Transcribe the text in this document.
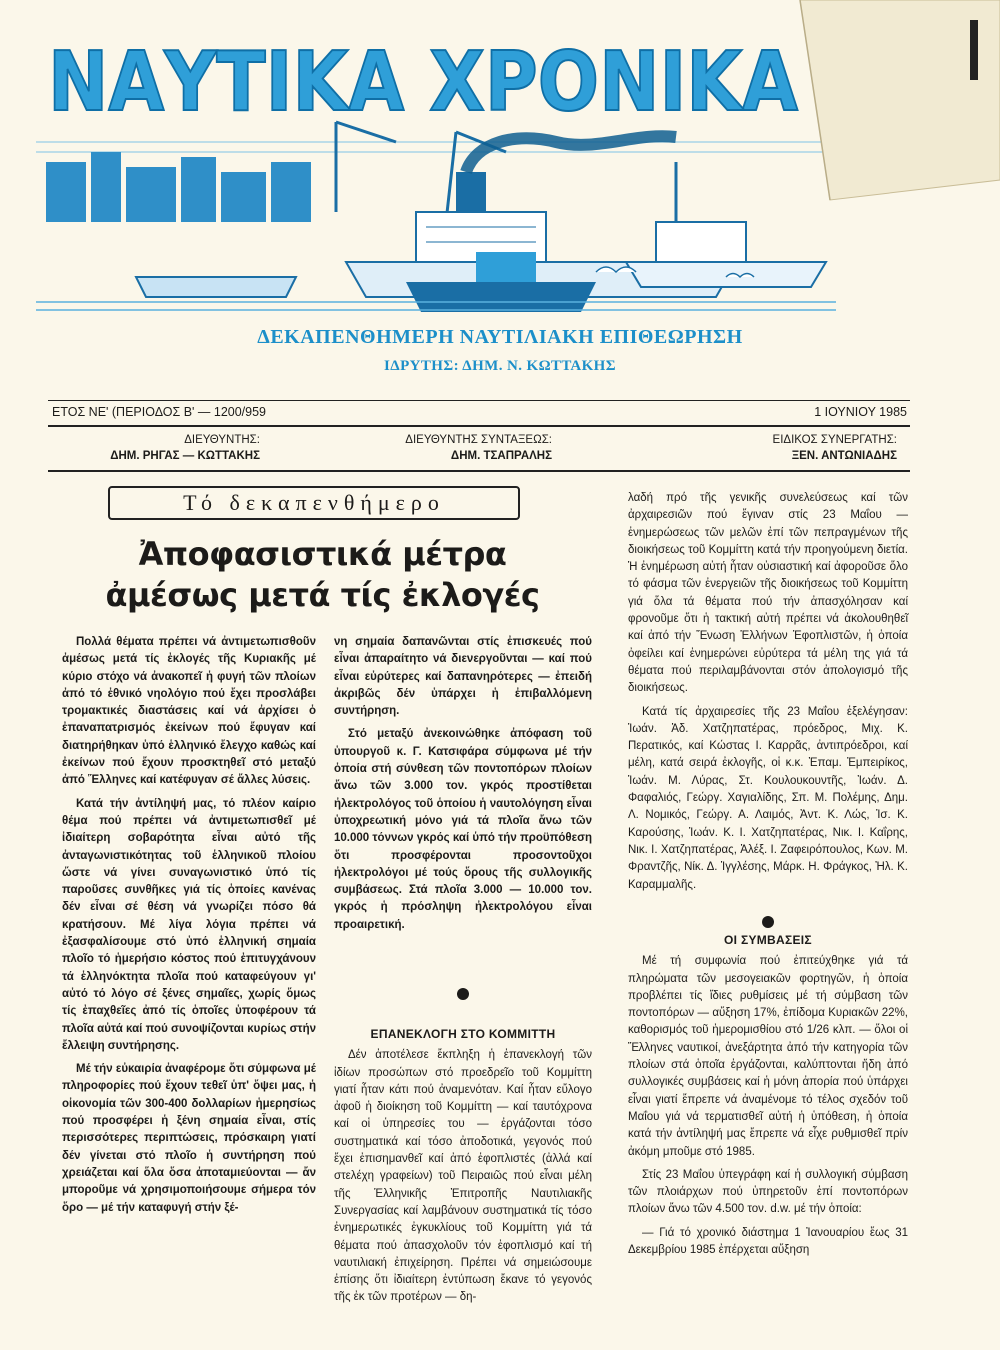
ΝΑΥΤΙΚΑ ΧΡΟΝΙΚΑ
ΔΕΚΑΠΕΝΘΗΜΕΡΗ ΝΑΥΤΙΛΙΑΚΗ ΕΠΙΘΕΩΡΗΣΗ
ΙΔΡΥΤΗΣ: ΔΗΜ. Ν. ΚΩΤΤΑΚΗΣ
ΕΤΟΣ ΝΕ' (ΠΕΡΙΟΔΟΣ Β' — 1200/959	1 ΙΟΥΝΙΟΥ 1985
ΔΙΕΥΘΥΝΤΗΣ:
ΔΗΜ. ΡΗΓΑΣ — ΚΩΤΤΑΚΗΣ
ΔΙΕΥΘΥΝΤΗΣ ΣΥΝΤΑΞΕΩΣ:
ΔΗΜ. ΤΣΑΠΡΑΛΗΣ
ΕΙΔΙΚΟΣ ΣΥΝΕΡΓΑΤΗΣ:
ΞΕΝ. ΑΝΤΩΝΙΑΔΗΣ
Τό δεκαπενθήμερο
Ἀποφασιστικά μέτρα
ἀμέσως μετά τίς ἐκλογές

Πολλά θέματα πρέπει νά ἀντιμετωπισθοῦν ἀμέσως μετά τίς ἐκλογές τῆς Κυριακῆς μέ κύριο στόχο νά ἀνακοπεῖ ἡ φυγή τῶν πλοίων ἀπό τό ἐθνικό νηολόγιο πού ἔχει προσλάβει τρομακτικές διαστάσεις καί νά ἀρχίσει ὁ ἐπαναπατρισμός ἐκείνων πού ἔφυγαν καί διατηρήθηκαν ὑπό ἑλληνικό ἔλεγχο καθώς καί ἐκείνων πού ἔχουν προσκτηθεῖ στό μεταξύ ἀπό Ἕλληνες καί κατέφυγαν σέ ἄλλες λύσεις.

Κατά τήν ἀντίληψή μας, τό πλέον καίριο θέμα πού πρέπει νά ἀντιμετωπισθεῖ μέ ἰδιαίτερη σοβαρότητα εἶναι αὐτό τῆς ἀνταγωνιστικότητας τοῦ ἑλληνικοῦ πλοίου ὥστε νά γίνει συναγωνιστικό ὑπό τίς παροῦσες συνθῆκες γιά τίς ὁποίες κανένας δέν εἶναι σέ θέση νά γνωρίζει πόσο θά κρατήσουν. Μέ λίγα λόγια πρέπει νά ἐξασφαλίσουμε στό ὑπό ἑλληνική σημαία πλοῖο τό ἡμερήσιο κόστος πού ἐπιτυγχάνουν τά ἑλληνόκτητα πλοῖα πού καταφεύγουν γι' αὐτό τό λόγο σέ ξένες σημαῖες, χωρίς ὅμως τίς ἐπαχθεῖες ἀπό τίς ὁποῖες ὑποφέρουν τά πλοῖα αὐτά καί πού συνοψίζονται κυρίως στήν ἔλλειψη συντήρησης.

Μέ τήν εὐκαιρία ἀναφέρομε ὅτι σύμφωνα μέ πληροφορίες πού ἔχουν τεθεῖ ὑπ' ὄψει μας, ἡ οἰκονομία τῶν 300-400 δολλαρίων ἡμερησίως πού προσφέρει ἡ ξένη σημαία εἶναι, στίς περισσότερες περιπτώσεις, πρόσκαιρη γιατί δέν γίνεται στό πλοῖο ἡ συντήρηση πού χρειάζεται καί ὅλα ὅσα ἀποταμιεύονται — ἄν μποροῦμε νά χρησιμοποιήσουμε σήμερα τόν ὅρο — μέ τήν καταφυγή στήν ξέ-

νη σημαία δαπανῶνται στίς ἐπισκευές πού εἶναι ἀπαραίτητο νά διενεργοῦνται — καί πού εἶναι εὐρύτερες καί δαπανηρότερες — ἐπειδή ἀκριβῶς δέν ὑπάρχει ἡ ἐπιβαλλόμενη συντήρηση.

Στό μεταξύ ἀνεκοινώθηκε ἀπόφαση τοῦ ὑπουργοῦ κ. Γ. Κατσιφάρα σύμφωνα μέ τήν ὁποία στή σύνθεση τῶν ποντοπόρων πλοίων ἄνω τῶν 3.000 τον. γκρός προστίθεται ἠλεκτρολόγος τοῦ ὁποίου ἡ ναυτολόγηση εἶναι ὑποχρεωτική μόνο γιά τά πλοῖα ἄνω τῶν 10.000 τόννων γκρός καί ὑπό τήν προϋπόθεση ὅτι προσφέρονται προσοντοῦχοι ἠλεκτρολόγοι μέ τούς ὅρους τῆς συλλογικῆς συμβάσεως. Στά πλοῖα 3.000 — 10.000 τον. γκρός ἡ πρόσληψη ἠλεκτρολόγου εἶναι προαιρετική.

ΕΠΑΝΕΚΛΟΓΗ ΣΤΟ ΚΟΜΜΙΤΤΗ

Δέν ἀποτέλεσε ἔκπληξη ἡ ἐπανεκλογή τῶν ἰδίων προσώπων στό προεδρεῖο τοῦ Κομμίττη γιατί ἦταν κάτι πού ἀναμενόταν. Καί ἦταν εὔλογο ἀφοῦ ἡ διοίκηση τοῦ Κομμίττη — καί ταυτόχρονα καί οἱ ὑπηρεσίες του — ἐργάζονται τόσο συστηματικά καί τόσο ἀποδοτικά, γεγονός πού ἔχει ἐπισημανθεῖ καί ἀπό ἐφοπλιστές (ἀλλά καί στελέχη γραφείων) τοῦ Πειραιῶς πού εἶναι μέλη τῆς Ἑλληνικῆς Ἐπιτροπῆς Ναυτιλιακῆς Συνεργασίας καί λαμβάνουν συστηματικά τίς τόσο ἐνημερωτικές ἐγκυκλίους τοῦ Κομμίττη γιά τά θέματα πού ἀπασχολοῦν τόν ἐφοπλισμό καί τή ναυτιλιακή ἐπιχείρηση. Πρέπει νά σημειώσουμε ἐπίσης ὅτι ἰδιαίτερη ἐντύπωση ἔκανε τό γεγονός τῆς ἐκ τῶν προτέρων — δη-

λαδή πρό τῆς γενικῆς συνελεύσεως καί τῶν ἀρχαιρεσιῶν πού ἔγιναν στίς 23 Μαΐου — ἐνημερώσεως τῶν μελῶν ἐπί τῶν πεπραγμένων τῆς διοικήσεως τοῦ Κομμίττη κατά τήν προηγούμενη διετία. Ἡ ἐνημέρωση αὐτή ἦταν οὐσιαστική καί ἀφοροῦσε ὅλο τό φάσμα τῶν ἐνεργειῶν τῆς διοικήσεως τοῦ Κομμίττη γιά ὅλα τά θέματα πού τήν ἀπασχόλησαν καί φρονοῦμε ὅτι ἡ τακτική αὐτή πρέπει νά ἀκολουθηθεῖ καί ἀπό τήν Ἕνωση Ἑλλήνων Ἐφοπλιστῶν, ἡ ὁποία ὀφείλει καί ἐνημερώνει εὐρύτερα τά μέλη της γιά τά θέματα πού περιλαμβάνονται στόν ἀπολογισμό τῆς διοικήσεως.

Κατά τίς ἀρχαιρεσίες τῆς 23 Μαΐου ἐξελέγησαν: Ἰωάν. Ἀδ. Χατζηπατέρας, πρόεδρος, Μιχ. Κ. Περατικός, καί Κώστας Ι. Καρρᾶς, ἀντιπρόεδροι, καί μέλη, κατά σειρά ἐκλογῆς, οἱ κ.κ. Ἐπαμ. Ἐμπειρίκος, Ἰωάν. Μ. Λύρας, Στ. Κουλουκουντῆς, Ἰωάν. Δ. Φαφαλιός, Γεώργ. Χαγιαλίδης, Σπ. Μ. Πολέμης, Δημ. Λ. Νομικός, Γεώργ. Α. Λαιμός, Ἀντ. Κ. Λώς, Ἰσ. Κ. Καρούσης, Ἰωάν. Κ. Ι. Χατζηπατέρας, Νικ. Ι. Καΐρης, Νικ. Ι. Χατζηπατέρας, Ἀλέξ. Ι. Ζαφειρόπουλος, Κων. Μ. Φραντζῆς, Νίκ. Δ. Ἰγγλέσης, Μάρκ. Η. Φράγκος, Ἠλ. Κ. Καραμμαλῆς.

ΟΙ ΣΥΜΒΑΣΕΙΣ

Μέ τή συμφωνία πού ἐπιτεύχθηκε γιά τά πληρώματα τῶν μεσογειακῶν φορτηγῶν, ἡ ὁποία προβλέπει τίς ἴδιες ρυθμίσεις μέ τή σύμβαση τῶν ποντοπόρων — αὔξηση 17%, ἐπίδομα Κυριακῶν 22%, καθορισμός τοῦ ἡμερομισθίου στό 1/26 κλπ. — ὅλοι οἱ Ἕλληνες ναυτικοί, ἀνεξάρτητα ἀπό τήν κατηγορία τῶν πλοίων στά ὁποῖα ἐργάζονται, καλύπτονται ἤδη ἀπό συλλογικές συμβάσεις καί ἡ μόνη ἀπορία πού ὑπάρχει εἶναι γιατί ἔπρεπε νά ἀναμένομε τό τέλος σχεδόν τοῦ Μαΐου γιά νά τερματισθεῖ αὐτή ἡ ὑπόθεση, ἡ ὁποία κατά τήν ἀντίληψή μας ἔπρεπε νά εἶχε ρυθμισθεῖ πρίν ἀκόμη μποῦμε στό 1985.

Στίς 23 Μαΐου ὑπεγράφη καί ἡ συλλογική σύμβαση τῶν πλοιάρχων πού ὑπηρετοῦν ἐπί ποντοπόρων πλοίων ἄνω τῶν 4.500 τον. d.w. μέ τήν ὁποία:

— Γιά τό χρονικό διάστημα 1 Ἰανουαρίου ἕως 31 Δεκεμβρίου 1985 ἐπέρχεται αὔξηση
